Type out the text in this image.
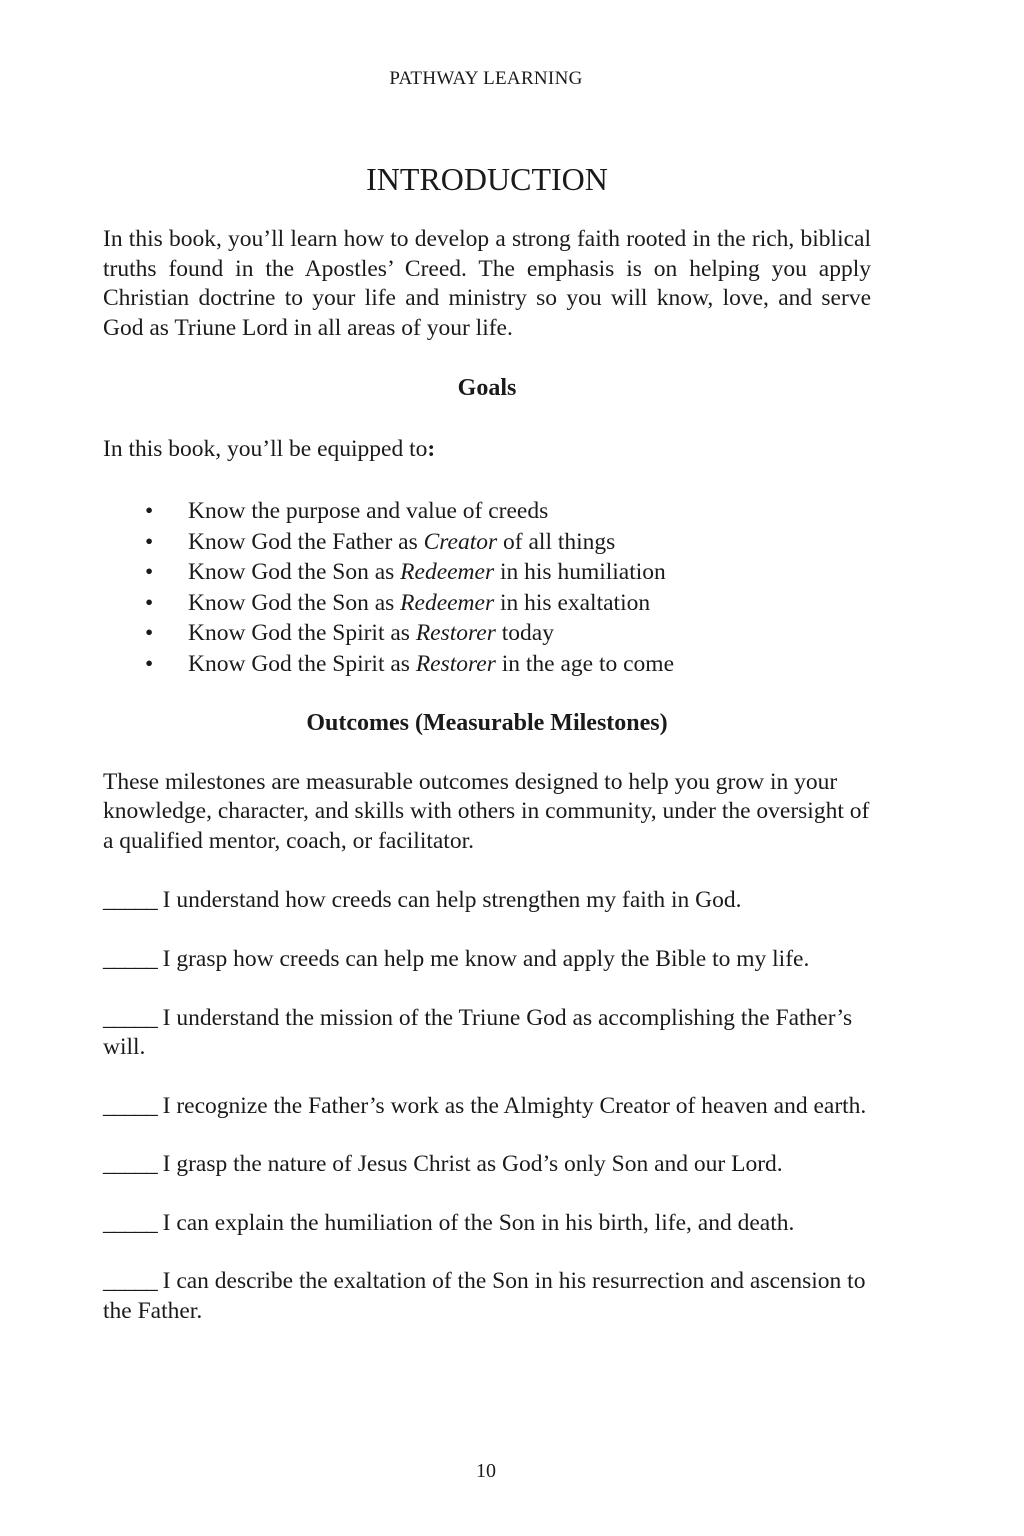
PATHWAY LEARNING
INTRODUCTION

In this book, you’ll learn how to develop a strong faith rooted in the rich, biblical truths found in the Apostles’ Creed. The emphasis is on helping you apply Christian doctrine to your life and ministry so you will know, love, and serve God as Triune Lord in all areas of your life.

Goals

In this book, you’ll be equipped to:

• Know the purpose and value of creeds
• Know God the Father as Creator of all things
• Know God the Son as Redeemer in his humiliation
• Know God the Son as Redeemer in his exaltation
• Know God the Spirit as Restorer today
• Know God the Spirit as Restorer in the age to come
Outcomes (Measurable Milestones)

These milestones are measurable outcomes designed to help you grow in your knowledge, character, and skills with others in community, under the oversight of a qualified mentor, coach, or facilitator.

_____ I understand how creeds can help strengthen my faith in God.

_____ I grasp how creeds can help me know and apply the Bible to my life.

_____ I understand the mission of the Triune God as accomplishing the Father’s will.

_____ I recognize the Father’s work as the Almighty Creator of heaven and earth.

_____ I grasp the nature of Jesus Christ as God’s only Son and our Lord.

_____ I can explain the humiliation of the Son in his birth, life, and death.

_____ I can describe the exaltation of the Son in his resurrection and ascension to the Father.

10
